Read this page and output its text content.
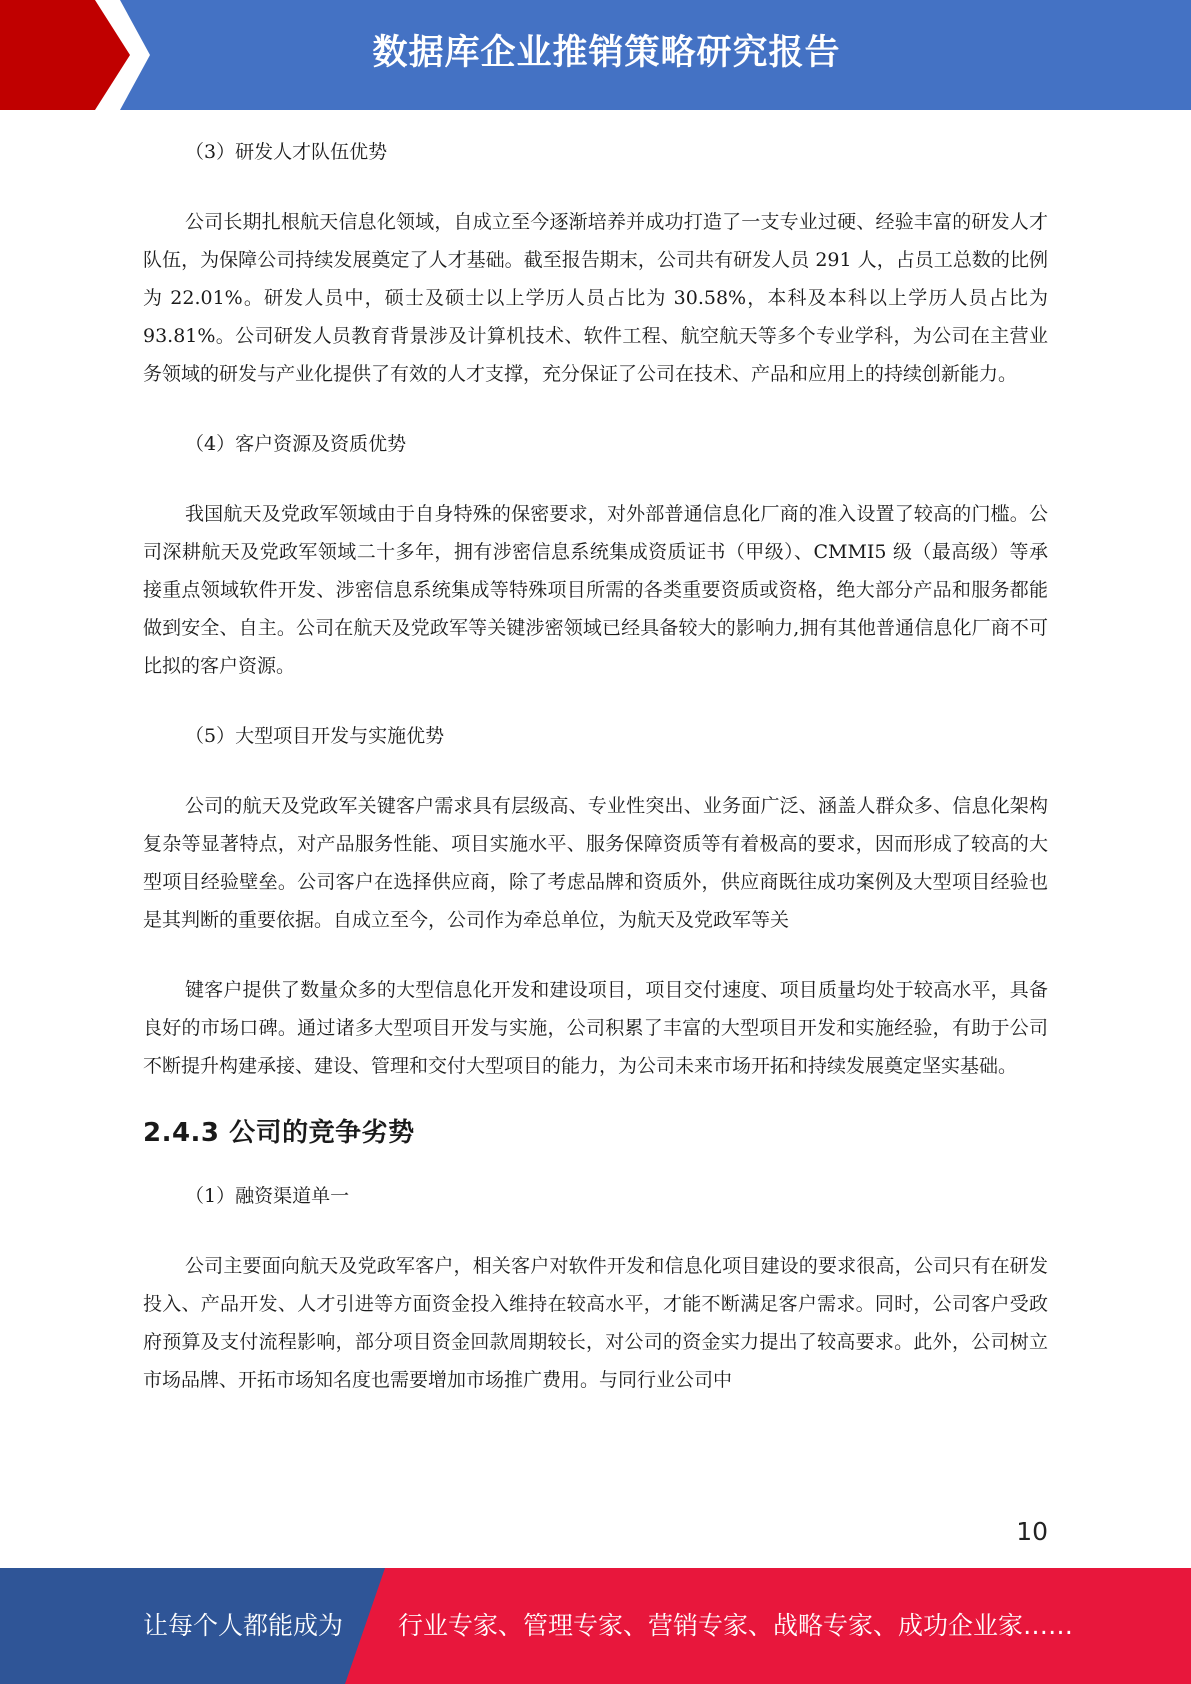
数据库企业推销策略研究报告

（3）研发人才队伍优势

公司长期扎根航天信息化领域，自成立至今逐渐培养并成功打造了一支专业过硬、经验丰富的研发人才队伍，为保障公司持续发展奠定了人才基础。截至报告期末，公司共有研发人员 291 人，占员工总数的比例为 22.01%。研发人员中，硕士及硕士以上学历人员占比为 30.58%，本科及本科以上学历人员占比为 93.81%。公司研发人员教育背景涉及计算机技术、软件工程、航空航天等多个专业学科，为公司在主营业务领域的研发与产业化提供了有效的人才支撑，充分保证了公司在技术、产品和应用上的持续创新能力。

（4）客户资源及资质优势

我国航天及党政军领域由于自身特殊的保密要求，对外部普通信息化厂商的准入设置了较高的门槛。公司深耕航天及党政军领域二十多年，拥有涉密信息系统集成资质证书（甲级）、CMMI5 级（最高级）等承接重点领域软件开发、涉密信息系统集成等特殊项目所需的各类重要资质或资格，绝大部分产品和服务都能做到安全、自主。公司在航天及党政军等关键涉密领域已经具备较大的影响力,拥有其他普通信息化厂商不可比拟的客户资源。

（5）大型项目开发与实施优势

公司的航天及党政军关键客户需求具有层级高、专业性突出、业务面广泛、涵盖人群众多、信息化架构复杂等显著特点，对产品服务性能、项目实施水平、服务保障资质等有着极高的要求，因而形成了较高的大型项目经验壁垒。公司客户在选择供应商，除了考虑品牌和资质外，供应商既往成功案例及大型项目经验也是其判断的重要依据。自成立至今，公司作为牵总单位，为航天及党政军等关

键客户提供了数量众多的大型信息化开发和建设项目，项目交付速度、项目质量均处于较高水平，具备良好的市场口碑。通过诸多大型项目开发与实施，公司积累了丰富的大型项目开发和实施经验，有助于公司不断提升构建承接、建设、管理和交付大型项目的能力，为公司未来市场开拓和持续发展奠定坚实基础。

2.4.3 公司的竞争劣势

（1）融资渠道单一

公司主要面向航天及党政军客户，相关客户对软件开发和信息化项目建设的要求很高，公司只有在研发投入、产品开发、人才引进等方面资金投入维持在较高水平，才能不断满足客户需求。同时，公司客户受政府预算及支付流程影响，部分项目资金回款周期较长，对公司的资金实力提出了较高要求。此外，公司树立市场品牌、开拓市场知名度也需要增加市场推广费用。与同行业公司中

10
让每个人都能成为 行业专家、管理专家、营销专家、战略专家、成功企业家……
